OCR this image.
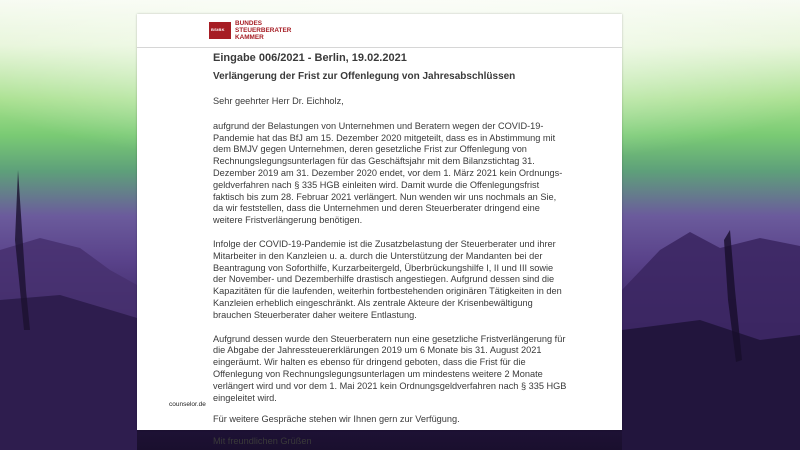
BStBK
BUNDES
STEUERBERATER
KAMMER

Eingabe 006/2021 - Berlin, 19.02.2021

Verlängerung der Frist zur Offenlegung von Jahresabschlüssen

Sehr geehrter Herr Dr. Eichholz,

aufgrund der Belastungen von Unternehmen und Beratern wegen der COVID-19-
Pandemie hat das BfJ am 15. Dezember 2020 mitgeteilt, dass es in Abstimmung mit
dem BMJV gegen Unternehmen, deren gesetzliche Frist zur Offenlegung von
Rechnungslegungsunterlagen für das Geschäftsjahr mit dem Bilanzstichtag 31.
Dezember 2019 am 31. Dezember 2020 endet, vor dem 1. März 2021 kein Ordnungs-
geldverfahren nach § 335 HGB einleiten wird. Damit wurde die Offenlegungsfrist
faktisch bis zum 28. Februar 2021 verlängert. Nun wenden wir uns nochmals an Sie,
da wir feststellen, dass die Unternehmen und deren Steuerberater dringend eine
weitere Fristverlängerung benötigen.

Infolge der COVID-19-Pandemie ist die Zusatzbelastung der Steuerberater und ihrer
Mitarbeiter in den Kanzleien u. a. durch die Unterstützung der Mandanten bei der
Beantragung von Soforthilfe, Kurzarbeitergeld, Überbrückungshilfe I, II und III sowie
der November- und Dezemberhilfe drastisch angestiegen. Aufgrund dessen sind die
Kapazitäten für die laufenden, weiterhin fortbestehenden originären Tätigkeiten in den
Kanzleien erheblich eingeschränkt. Als zentrale Akteure der Krisenbewältigung
brauchen Steuerberater daher weitere Entlastung.

Aufgrund dessen wurde den Steuerberatern nun eine gesetzliche Fristverlängerung für
die Abgabe der Jahressteuererklärungen 2019 um 6 Monate bis 31. August 2021
eingeräumt. Wir halten es ebenso für dringend geboten, dass die Frist für die
Offenlegung von Rechnungslegungsunterlagen um mindestens weitere 2 Monate
verlängert wird und vor dem 1. Mai 2021 kein Ordnungsgeldverfahren nach § 335 HGB
eingeleitet wird.

Für weitere Gespräche stehen wir Ihnen gern zur Verfügung.

Mit freundlichen Grüßen

counselor.de
